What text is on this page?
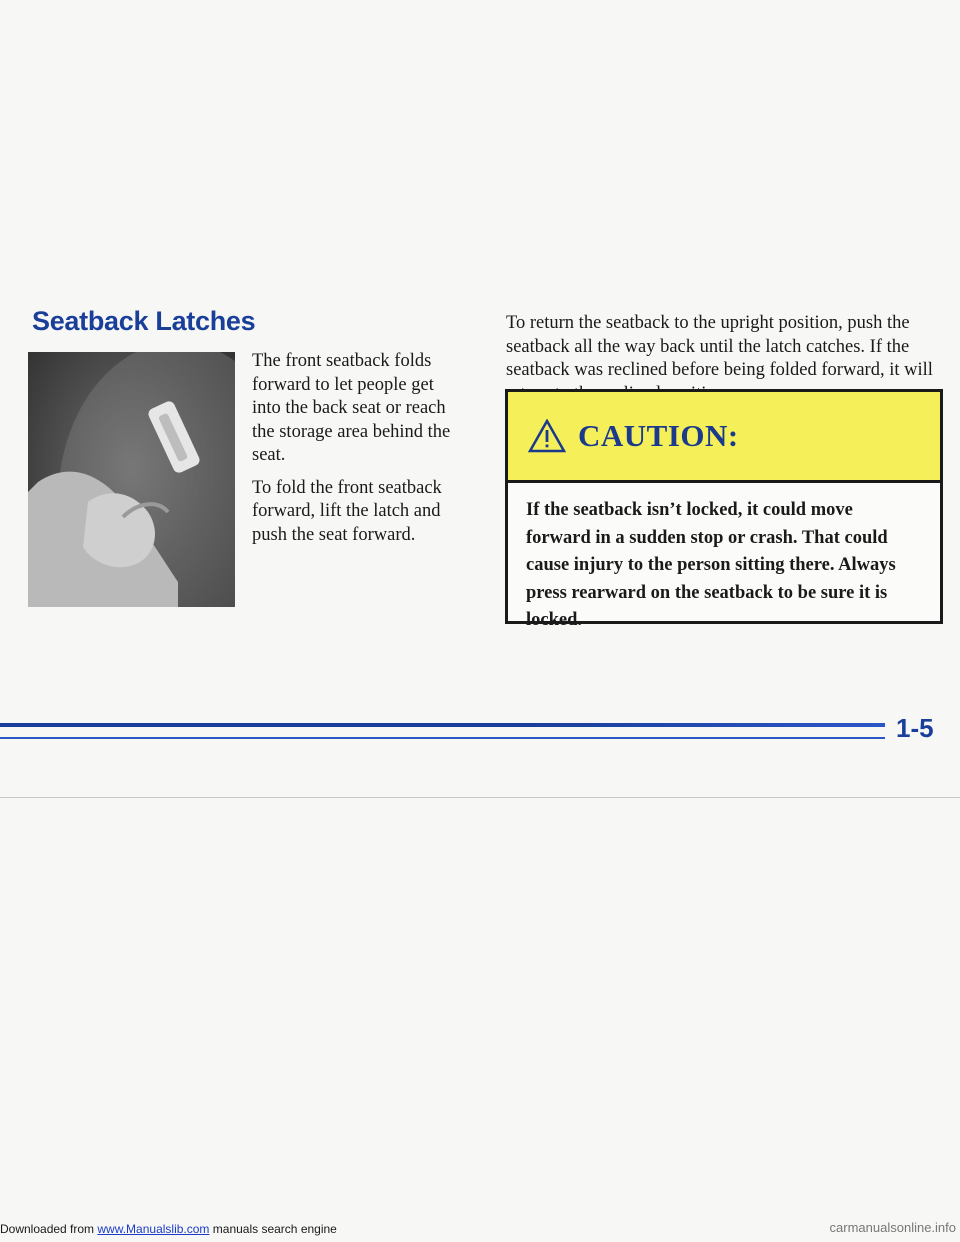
Seatback Latches

The front seatback folds forward to let people get into the back seat or reach the storage area behind the seat.

To fold the front seatback forward, lift the latch and push the seat forward.

To return the seatback to the upright position, push the seatback all the way back until the latch catches. If the seatback was reclined before being folded forward, it will

CAUTION:

If the seatback isn’t locked, it could move forward in a sudden stop or crash. That could cause injury to the person sitting there. Always press rearward on the seatback to be sure it is locked.

1-5
Downloaded from www.Manualslib.com manuals search engine	carmanualsonline.info
